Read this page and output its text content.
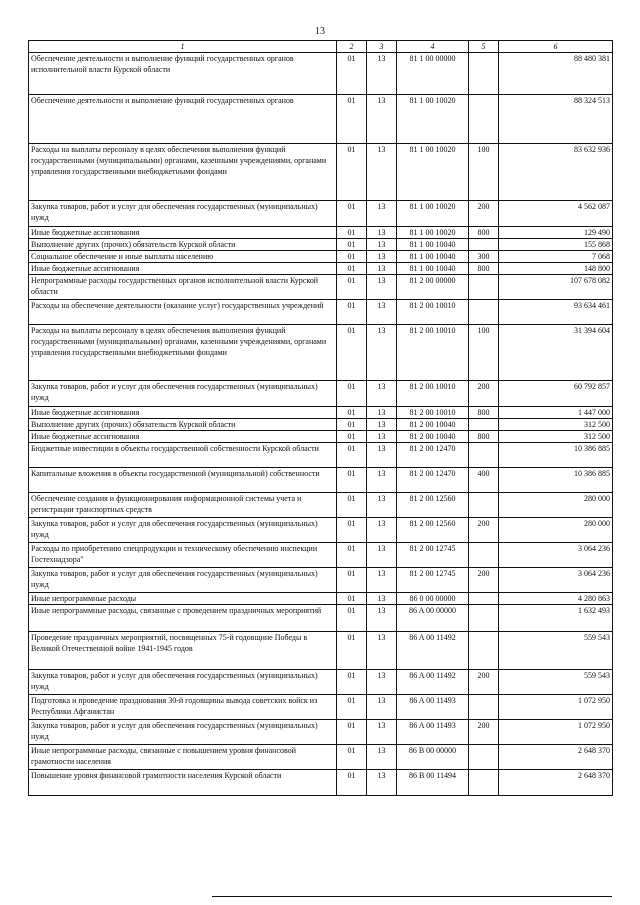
13
1	2	3	4	5	6
Обеспечение деятельности и выполнение функций государственных органов исполнительной власти Курской области	01	13	81 1 00 00000		88 480 381
Обеспечение деятельности и выполнение функций государственных органов	01	13	81 1 00 10020		88 324 513
Расходы на выплаты персоналу в целях обеспечения выполнения функций государственными (муниципальными) органами, казенными учреждениями, органами управления государственными внебюджетными фондами	01	13	81 1 00 10020	100	83 632 936
Закупка товаров, работ и услуг для обеспечения государственных (муниципальных) нужд	01	13	81 1 00 10020	200	4 562 087
Иные бюджетные ассигнования	01	13	81 1 00 10020	800	129 490
Выполнение других (прочих) обязательств Курской области	01	13	81 1 00 10040		155 868
Социальное обеспечение и иные выплаты населению	01	13	81 1 00 10040	300	7 068
Иные бюджетные ассигнования	01	13	81 1 00 10040	800	148 800
Непрограммные расходы государственных органов исполнительной власти Курской области	01	13	81 2 00 00000		107 678 082
Расходы на обеспечение деятельности (оказание услуг) государственных учреждений	01	13	81 2 00 10010		93 634 461
Расходы на выплаты персоналу в целях обеспечения выполнения функций государственными (муниципальными) органами, казенными учреждениями, органами управления государственными внебюджетными фондами	01	13	81 2 00 10010	100	31 394 604
Закупка товаров, работ и услуг для обеспечения государственных (муниципальных) нужд	01	13	81 2 00 10010	200	60 792 857
Иные бюджетные ассигнования	01	13	81 2 00 10010	800	1 447 000
Выполнение других (прочих) обязательств Курской области	01	13	81 2 00 10040		312 500
Иные бюджетные ассигнования	01	13	81 2 00 10040	800	312 500
Бюджетные инвестиции в объекты государственной собственности Курской области	01	13	81 2 00 12470		10 386 885
Капитальные вложения в объекты государственной (муниципальной) собственности	01	13	81 2 00 12470	400	10 386 885
Обеспечение создания и функционирования информационной системы учета и регистрации транспортных средств	01	13	81 2 00 12560		280 000
Закупка товаров, работ и услуг для обеспечения государственных (муниципальных) нужд	01	13	81 2 00 12560	200	280 000
Расходы по приобретению спецпродукции и техническому обеспечению инспекции Гостехнадзора"	01	13	81 2 00 12745		3 064 236
Закупка товаров, работ и услуг для обеспечения государственных (муниципальных) нужд	01	13	81 2 00 12745	200	3 064 236
Иные непрограммные расходы	01	13	86 0 00 00000		4 280 863
Иные непрограммные расходы, связанные с проведением праздничных мероприятий	01	13	86 A 00 00000		1 632 493
Проведение праздничных мероприятий, посвященных 75-й годовщине Победы в Великой Отечественной войне 1941-1945 годов	01	13	86 A 00 11492		559 543
Закупка товаров, работ и услуг для обеспечения государственных (муниципальных) нужд	01	13	86 A 00 11492	200	559 543
Подготовка и проведение празднования 30-й годовщины вывода советских войск из Республики Афганистан	01	13	86 A 00 11493		1 072 950
Закупка товаров, работ и услуг для обеспечения государственных (муниципальных) нужд	01	13	86 A 00 11493	200	1 072 950
Иные непрограммные расходы, связанные с повышением уровня финансовой грамотности населения	01	13	86 B 00 00000		2 648 370
Повышение уровня финансовой грамотности населения Курской области	01	13	86 B 00 11494		2 648 370
